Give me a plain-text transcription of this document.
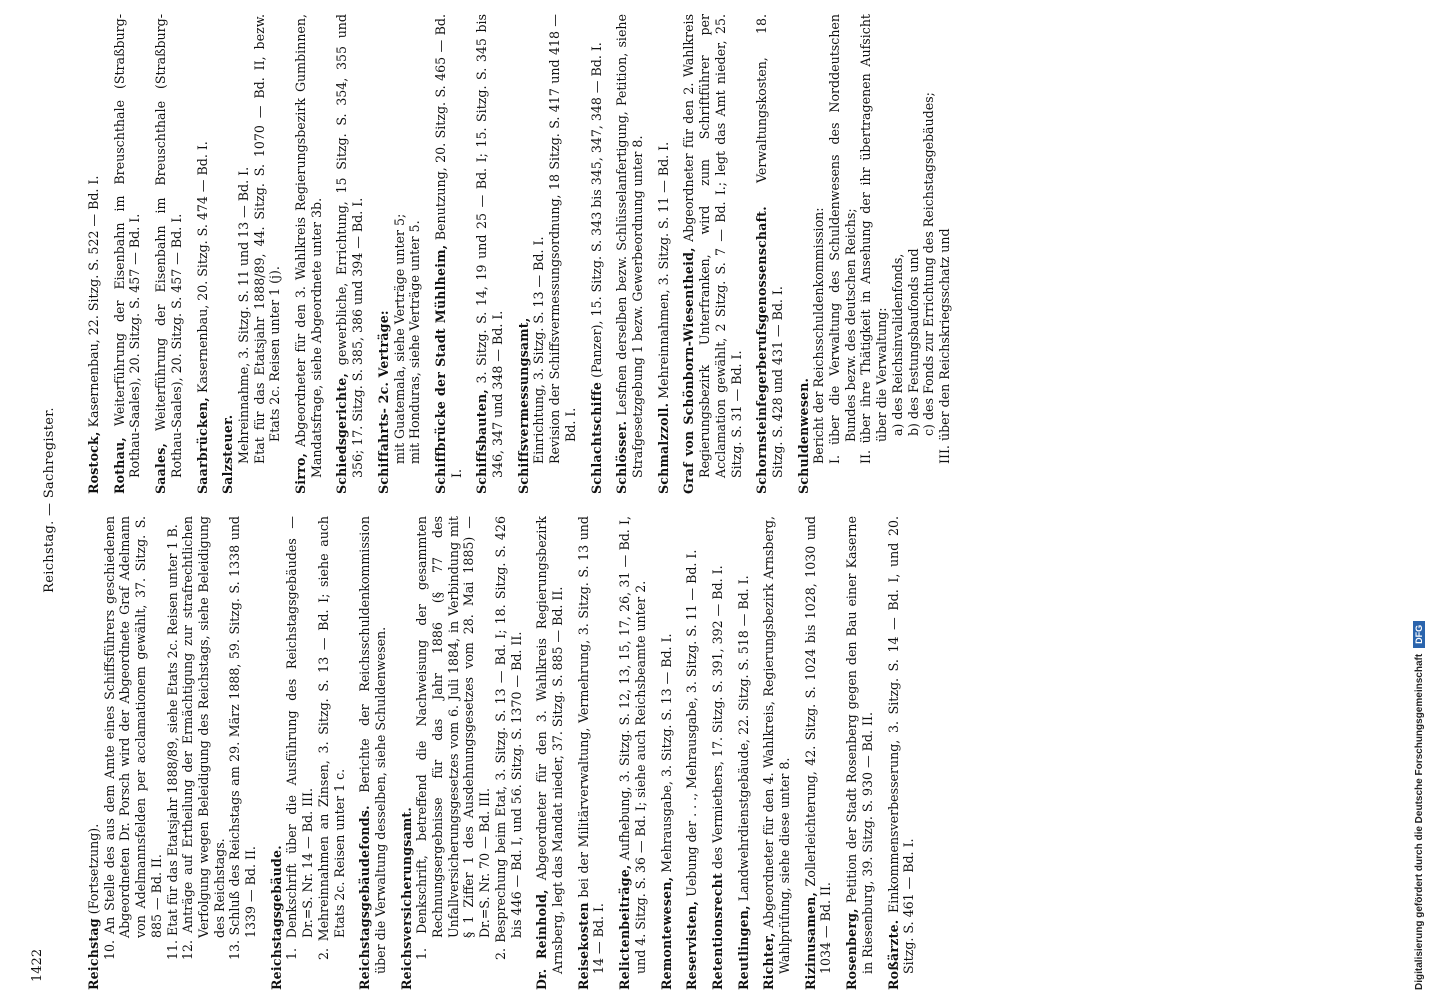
1422
Reichstag. — Sachregister.
Reichstag (Fortsetzung).
10. An Stelle des aus dem Amte eines Schiffsführers geschiedenen Abgeordneten Dr. Porsch wird der Abgeordnete Graf Adelmann von Adelmannsfelden per acclamationem gewählt, 37. Sitzg. S. 885 — Bd. II.
11. Etat für das Etatsjahr 1888/89, siehe Etats 2c. Reisen unter 1 B.
12. Anträge auf Ertheilung der Ermächtigung zur strafrechtlichen Verfolgung wegen Beleidigung des Reichstags, siehe Beleidigung des Reichstags.
13. Schluß des Reichstags am 29. März 1888, 59. Sitzg. S. 1338 und 1339 — Bd. II. Reichstagsgebäude. 1. Denkschrift über die Ausführung des Reichstagsgebäudes — Dr.=S. Nr. 14 — Bd. III.
2. Mehreinnahmen an Zinsen, 3. Sitzg. S. 13 — Bd. I; siehe auch Etats 2c. Reisen unter 1 c. Reichstagsgebäudefonds. Berichte der Reichsschuldenkommission über die Verwaltung desselben, siehe Schuldenwesen. Reichsversicherungsamt. 1. Denkschrift, betreffend die Nachweisung der gesammten Rechnungsergebnisse für das Jahr 1886 (§ 77 des Unfallversicherungsgesetzes vom 6. Juli 1884, in Verbindung mit § 1 Ziffer 1 des Ausdehnungsgesetzes vom 28. Mai 1885) — Dr.=S. Nr. 70 — Bd. III.
2. Besprechung beim Etat, 3. Sitzg. S. 13 — Bd. I; 18. Sitzg. S. 426 bis 446 — Bd. I, und 56. Sitzg. S. 1370 — Bd. II.
Dr. Reinhold, Abgeordneter für den 3. Wahlkreis Regierungsbezirk Arnsberg, legt das Mandat nieder, 37. Sitzg. S. 885 — Bd. II. Reisekosten bei der Militärverwaltung, Vermehrung, 3. Sitzg. S. 13 und 14 — Bd. I. Relictenbeiträge, Aufhebung, 3. Sitzg. S. 12, 13, 15, 17, 26, 31 — Bd. I, und 4. Sitzg. S. 36 — Bd. I; siehe auch Reichsbeamte unter 2. Remontewesen, Mehrausgabe, 3. Sitzg. S. 13 — Bd. I.
Reservisten, Uebung der . . ., Mehrausgabe, 3. Sitzg. S. 11 — Bd. I.
Retentionsrecht des Vermiethers, 17. Sitzg. S. 391, 392 — Bd. I.
Reutlingen, Landwehrdienstgebäude, 22. Sitzg. S. 518 — Bd. I.
Richter, Abgeordneter für den 4. Wahlkreis, Regierungsbezirk Arnsberg, Wahlprüfung, siehe diese unter 8. Rizinusamen, Zollerleichterung, 42. Sitzg. S. 1024 bis 1028, 1030 und 1034 — Bd. II. Rosenberg, Petition der Stadt Rosenberg gegen den Bau einer Kaserne in Riesenburg, 39. Sitzg. S. 930 — Bd. II. Roßärzte. Einkommensverbesserung, 3. Sitzg. S. 14 — Bd. I, und 20. Sitzg. S. 461 — Bd. I.
Rostock, Kasernenbau, 22. Sitzg. S. 522 — Bd. I.
Rothau, Weiterführung der Eisenbahn im Breuschthale (Straßburg-Rothau-Saales), 20. Sitzg. S. 457 — Bd. I. Saales, Weiterführung der Eisenbahn im Breuschthale (Straßburg-Rothau-Saales), 20. Sitzg. S. 457 — Bd. I. Saarbrücken, Kasernenbau, 20. Sitzg. S. 474 — Bd. I.
Salzsteuer. Mehreinnahme, 3. Sitzg. S. 11 und 13 — Bd. I. Etat für das Etatsjahr 1888/89, 44. Sitzg. S. 1070 — Bd. II, bezw. Etats 2c. Reisen unter 1 (j).
Sirro, Abgeordneter für den 3. Wahlkreis Regierungsbezirk Gumbinnen, Mandatsfrage, siehe Abgeordnete unter 3b. Schiedsgerichte, gewerbliche, Errichtung, 15 Sitzg. S. 354, 355 und 356; 17. Sitzg. S. 385, 386 und 394 — Bd. I. Schiffahrts- 2c. Verträge: mit Guatemala, siehe Verträge unter 5; mit Honduras, siehe Verträge unter 5. Schiffbrücke der Stadt Mühlheim, Benutzung, 20. Sitzg. S. 465 — Bd. I. Schiffsbauten, 3. Sitzg. S. 14, 19 und 25 — Bd. I; 15. Sitzg. S. 345 bis 346, 347 und 348 — Bd. I. Schiffsvermessungsamt, Einrichtung, 3. Sitzg. S. 13 — Bd. I. Revision der Schiffsvermessungsordnung, 18 Sitzg. S. 417 und 418 — Bd. I. Schlachtschiffe (Panzer), 15. Sitzg. S. 343 bis 345, 347, 348 — Bd. I.
Schlösser. Lesfnen derselben bezw. Schlüsselanfertigung, Petition, siehe Strafgesetzgebung 1 bezw. Gewerbeordnung unter 8. Schmalzzoll. Mehreinnahmen, 3. Sitzg. S. 11 — Bd. I. Graf von Schönborn-Wiesentheid, Abgeordneter für den 2. Wahlkreis Regierungsbezirk Unterfranken, wird zum Schriftführer per Acclamation gewählt, 2 Sitzg. S. 7 — Bd. I.; legt das Amt nieder, 25. Sitzg. S. 31 — Bd. I. Schornsteinfegerberufsgenossenschaft. Verwaltungskosten, 18. Sitzg. S. 428 und 431 — Bd. I. Schuldenwesen. Bericht der Reichsschuldenkommission: I. über die Verwaltung des Schuldenwesens des Norddeutschen Bundes bezw. des deutschen Reichs;
II. über ihre Thätigkeit in Ansehung der ihr übertragenen Aufsicht über die Verwaltung: a) des Reichsinvalidenfonds,
b) des Festungsbaufonds und
c) des Fonds zur Errichtung des Reichstagsgebäudes;
III. über den Reichskriegsschatz und
Digitalisierung gefördert durch die Deutsche Forschungsgemeinschaft
DFG
